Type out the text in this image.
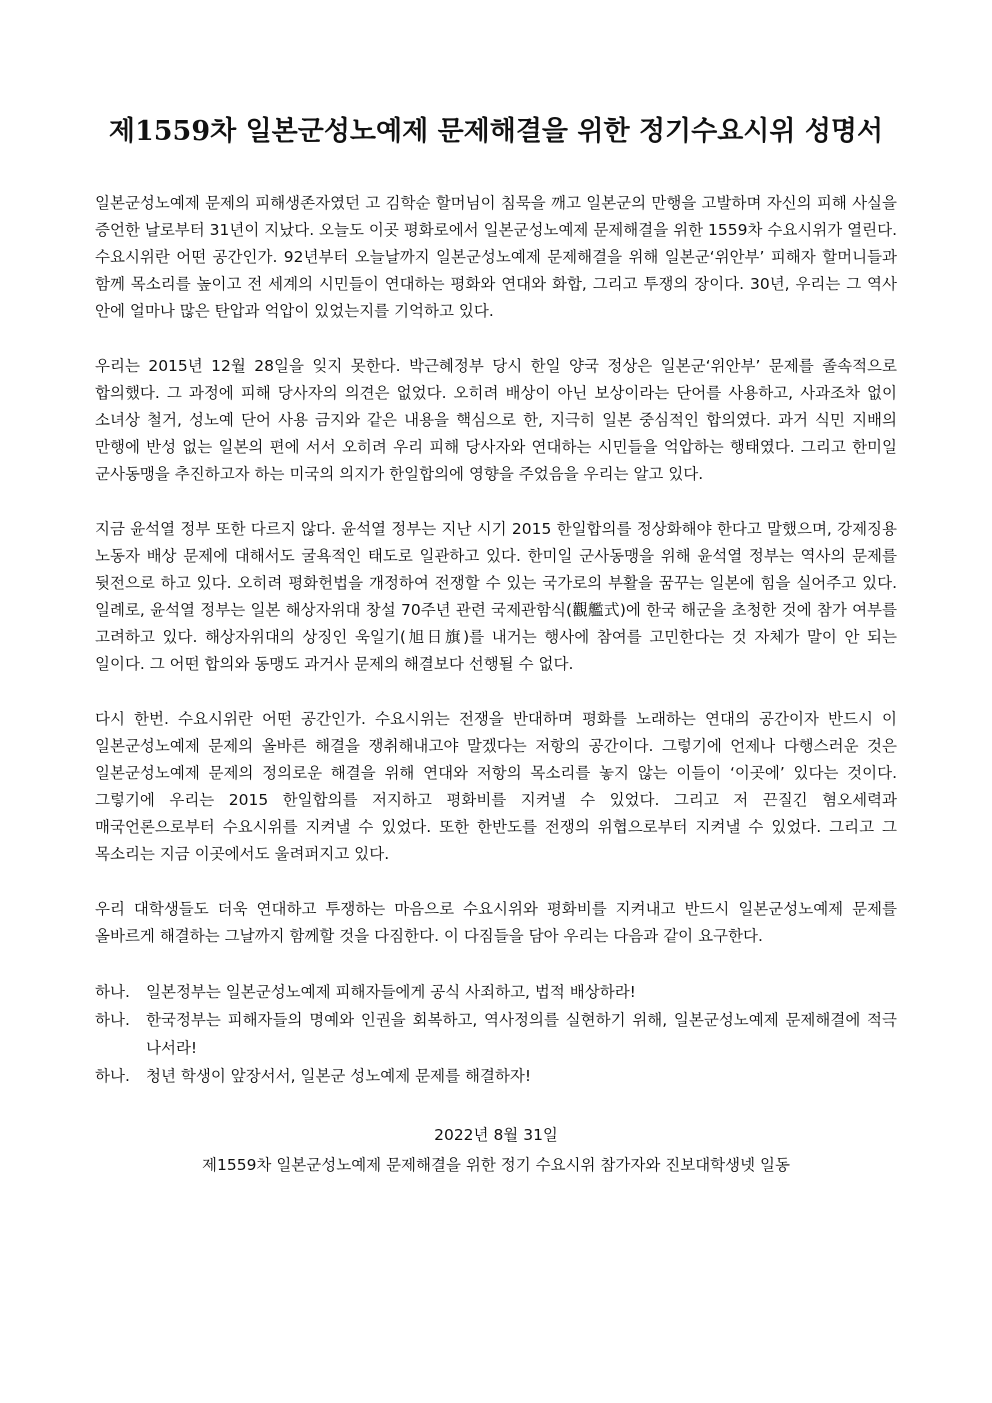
제1559차 일본군성노예제 문제해결을 위한 정기수요시위 성명서

일본군성노예제 문제의 피해생존자였던 고 김학순 할머님이 침묵을 깨고 일본군의 만행을 고발하며 자신의 피해 사실을 증언한 날로부터 31년이 지났다. 오늘도 이곳 평화로에서 일본군성노예제 문제해결을 위한 1559차 수요시위가 열린다. 수요시위란 어떤 공간인가. 92년부터 오늘날까지 일본군성노예제 문제해결을 위해 일본군‘위안부’ 피해자 할머니들과 함께 목소리를 높이고 전 세계의 시민들이 연대하는 평화와 연대와 화합, 그리고 투쟁의 장이다. 30년, 우리는 그 역사 안에 얼마나 많은 탄압과 억압이 있었는지를 기억하고 있다.

우리는 2015년 12월 28일을 잊지 못한다. 박근혜정부 당시 한일 양국 정상은 일본군‘위안부’ 문제를 졸속적으로 합의했다. 그 과정에 피해 당사자의 의견은 없었다. 오히려 배상이 아닌 보상이라는 단어를 사용하고, 사과조차 없이 소녀상 철거, 성노예 단어 사용 금지와 같은 내용을 핵심으로 한, 지극히 일본 중심적인 합의였다. 과거 식민 지배의 만행에 반성 없는 일본의 편에 서서 오히려 우리 피해 당사자와 연대하는 시민들을 억압하는 행태였다. 그리고 한미일 군사동맹을 추진하고자 하는 미국의 의지가 한일합의에 영향을 주었음을 우리는 알고 있다.

지금 윤석열 정부 또한 다르지 않다. 윤석열 정부는 지난 시기 2015 한일합의를 정상화해야 한다고 말했으며, 강제징용 노동자 배상 문제에 대해서도 굴욕적인 태도로 일관하고 있다. 한미일 군사동맹을 위해 윤석열 정부는 역사의 문제를 뒷전으로 하고 있다. 오히려 평화헌법을 개정하여 전쟁할 수 있는 국가로의 부활을 꿈꾸는 일본에 힘을 실어주고 있다. 일례로, 윤석열 정부는 일본 해상자위대 창설 70주년 관련 국제관함식(觀艦式)에 한국 해군을 초청한 것에 참가 여부를 고려하고 있다. 해상자위대의 상징인 욱일기(旭日旗)를 내거는 행사에 참여를 고민한다는 것 자체가 말이 안 되는 일이다. 그 어떤 합의와 동맹도 과거사 문제의 해결보다 선행될 수 없다.

다시 한번. 수요시위란 어떤 공간인가. 수요시위는 전쟁을 반대하며 평화를 노래하는 연대의 공간이자 반드시 이 일본군성노예제 문제의 올바른 해결을 쟁취해내고야 말겠다는 저항의 공간이다. 그렇기에 언제나 다행스러운 것은 일본군성노예제 문제의 정의로운 해결을 위해 연대와 저항의 목소리를 놓지 않는 이들이 ‘이곳에’ 있다는 것이다. 그렇기에 우리는 2015 한일합의를 저지하고 평화비를 지켜낼 수 있었다. 그리고 저 끈질긴 혐오세력과 매국언론으로부터 수요시위를 지켜낼 수 있었다. 또한 한반도를 전쟁의 위협으로부터 지켜낼 수 있었다. 그리고 그 목소리는 지금 이곳에서도 울려퍼지고 있다.

우리 대학생들도 더욱 연대하고 투쟁하는 마음으로 수요시위와 평화비를 지켜내고 반드시 일본군성노예제 문제를 올바르게 해결하는 그날까지 함께할 것을 다짐한다. 이 다짐들을 담아 우리는 다음과 같이 요구한다.

하나. 일본정부는 일본군성노예제 피해자들에게 공식 사죄하고, 법적 배상하라!
하나. 한국정부는 피해자들의 명예와 인권을 회복하고, 역사정의를 실현하기 위해, 일본군성노예제 문제해결에 적극 나서라!
하나. 청년 학생이 앞장서서, 일본군 성노예제 문제를 해결하자!
2022년 8월 31일
제1559차 일본군성노예제 문제해결을 위한 정기 수요시위 참가자와 진보대학생넷 일동
